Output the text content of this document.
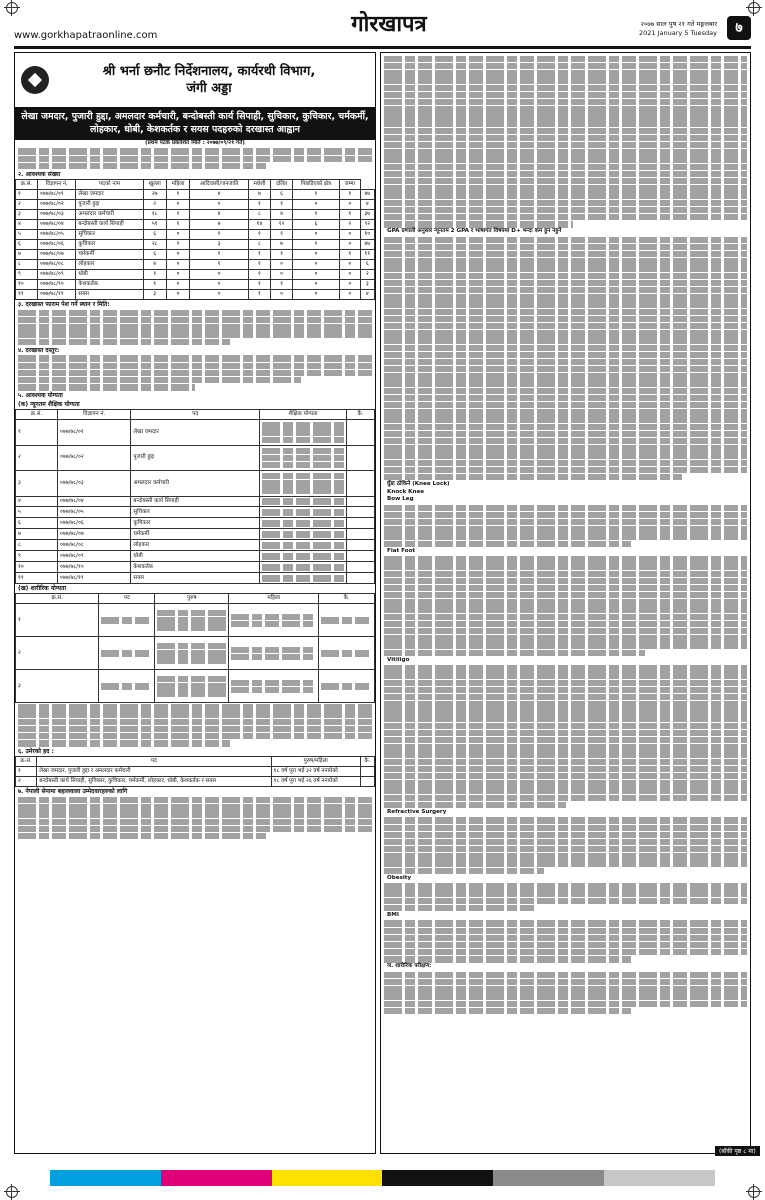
www.gorkhapatraonline.com	गोरखापत्र	२०७७ साल पुष २१ गते मङ्गलबार
2021 January 5 Tuesday	७
श्री भर्ना छनौट निर्देशनालय, कार्यरथी विभाग,
जंगी अड्डा
लेखा जमदार, पुजारी हुद्दा, अमलदार कर्मचारी, बन्दोबस्ती कार्य सिपाही, सुचिकार, कुचिकार, चर्मकर्मी, लोहकार, धोबी, केशकर्तक र सयस पदहरुको दरखास्त आह्वान
(प्रथम पटक प्रकाशित मिति : २०७७/०९/२१ गते)
२. आवश्यक संख्या
क्र.सं.	विज्ञापन नं.	पदको नाम	खुल्ला	महिला	आदिवासी/जनजाति	मधेशी	दलित	पिछडिएको क्षेत्र	जम्मा	
१	०७७/७८/०१	लेखा जमदार	२७	१	४	७	६	१	१	४७
२	०७७/७८/०२	पुजारी हुद्दा	२	०	०	१	१	०	०	४
३	०७७/७८/०३	अमलदार कर्मचारी	१८	१	४	८	४	१	१	३७
४	०७७/७८/०४	बन्दोबस्ती कार्य सिपाही	५१	१	७	१४	१२	६	२	९२
५	०७७/७८/०५	सुचिकार	६	०	१	१	१	०	०	१०
६	०७७/७८/०६	कुचिकार	२८	१	३	८	७	१	०	४७
७	०७७/७८/०७	चर्मकर्मी	६	०	१	१	१	०	१	११
८	०७७/७८/०८	लोहकार	४	०	१	१	०	०	०	६
९	०७७/७८/०९	धोबी	१	०	०	१	०	०	०	२
१०	०७७/७८/१०	केशकर्तक	१	०	०	१	१	०	०	३
११	०७७/७८/११	सयस	३	०	०	१	०	०	०	४
३. दरखास्त फाराम पेश गर्ने स्थान र मिति:
४. दरखास्त दस्तुर:
५. आवश्यक योग्यता
(क) न्यूनतम शैक्षिक योग्यता
क्र.सं.	विज्ञापन नं.	पद	शैक्षिक योग्यता	कै.
१	०७७/७८/०१	लेखा जमदार	

२	०७७/७८/०२	पुजारी हुद्दा	

३	०७७/७८/०३	अमलदार कर्मचारी	

४	०७७/७८/०४	बन्दोबस्ती कार्य सिपाही	

५	०७७/७८/०५	सुचिकार	

६	०७७/७८/०६	कुचिकार	

७	०७७/७८/०७	चर्मकर्मी	

८	०७७/७८/०८	लोहकार	

९	०७७/७८/०९	धोबी	

१०	०७७/७८/१०	केशकर्तक	

११	०७७/७८/११	सयस	

(ख) शारीरिक योग्यता
क्र.सं.	पद	पुरुष	महिला	कै.
१	

२	

३	

६. उमेरको हद :
क्र.सं.	पद	पुरुष/महिला	कै.
१	लेखा जमदार, पुजारी हुद्दा र अमलदार कर्मचारी	१८ वर्ष पूरा भई ३२ वर्ष ननाघेको	
२	बन्दोबस्ती कार्य सिपाही, सुचिकार, कुचिकार, चर्मकर्मी, लोहकार, धोबी, केशकर्तक र सयस	१८ वर्ष पूरा भई २६ वर्ष ननाघेको	
७. नेपाली सेनामा बहालवाला उम्मेदवारहरुको लागि
GPA प्रणाली अनुसार न्यूनतम 2 GPA र भाषागत विषयमा D+ भन्दा कम हुन नहुने
घुँडा ठोकिने (Knee Lock)
Knock Knee
Bow Leg
Flat Foot
Vitiligo
Refractive Surgery
Obesity
BMI
ञ. शारीरिक परीक्षण:
(बाँकी पृष्ठ ८ मा)
